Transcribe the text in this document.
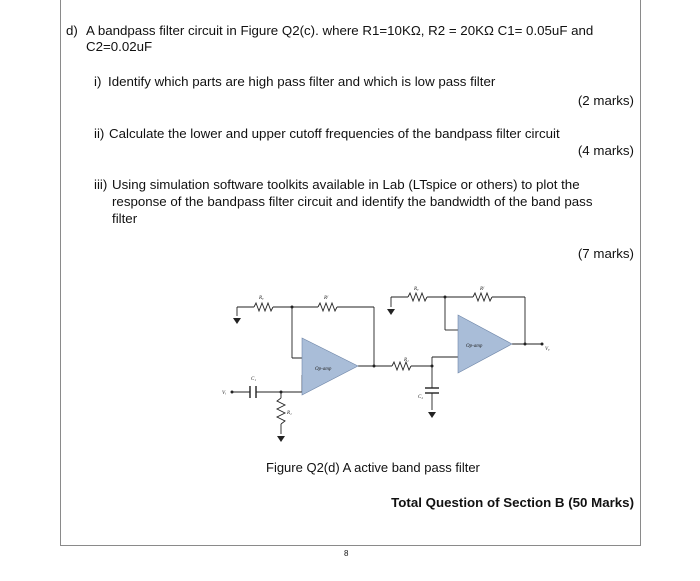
d) A bandpass filter circuit in Figure Q2(c). where R1=10KΩ, R2 = 20KΩ C1= 0.05uF and

C2=0.02uF

i) Identify which parts are high pass filter and which is low pass filter

(2 marks)

ii) Calculate the lower and upper cutoff frequencies of the bandpass filter circuit

(4 marks)

iii) Using simulation software toolkits available in Lab (LTspice or others) to plot the

response of the bandpass filter circuit and identify the bandwidth of the band pass

filter

(7 marks)

Op-amp
Op-amp
Vᵢ
Vₒ
C₁
R₁
Rₒ	Rᶠ
R₁
C₂
Rₒ	Rᶠ

Figure Q2(d) A active band pass filter

Total Question of Section B (50 Marks)

8
